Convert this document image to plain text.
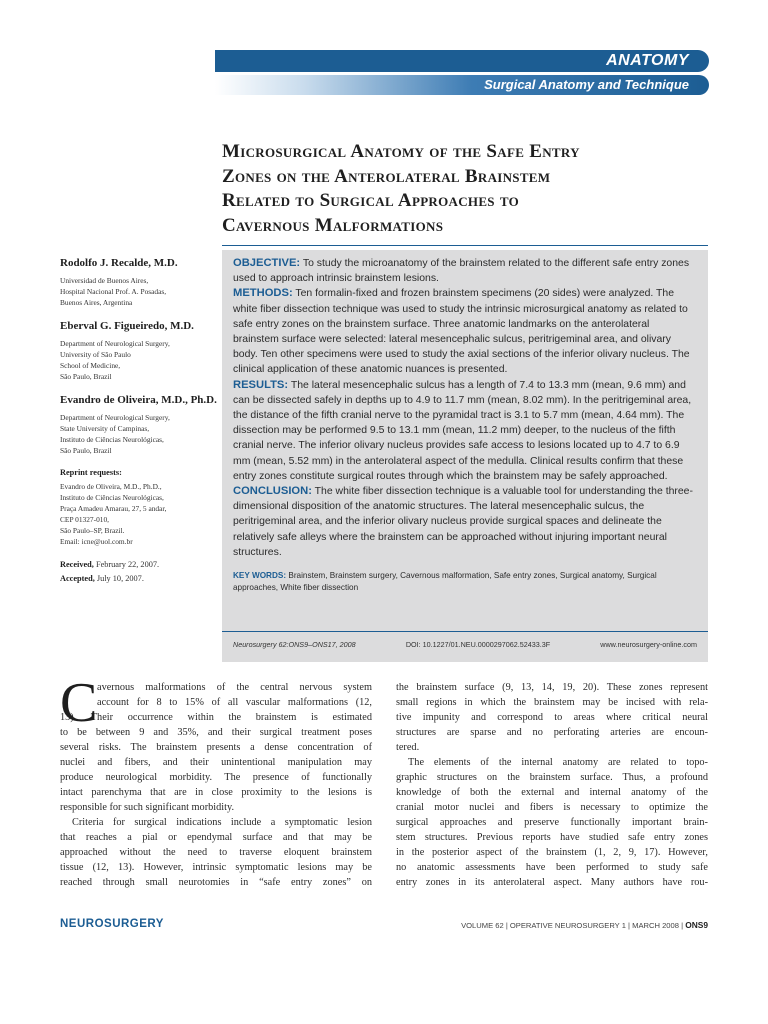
ANATOMY
Surgical Anatomy and Technique
Microsurgical Anatomy of the Safe Entry
Zones on the Anterolateral Brainstem
Related to Surgical Approaches to
Cavernous Malformations
Rodolfo J. Recalde, M.D.
Universidad de Buenos Aires,
Hospital Nacional Prof. A. Posadas,
Buenos Aires, Argentina
Eberval G. Figueiredo, M.D.
Department of Neurological Surgery,
University of São Paulo
School of Medicine,
São Paulo, Brazil
Evandro de Oliveira, M.D., Ph.D.
Department of Neurological Surgery,
State University of Campinas,
Instituto de Ciências Neurológicas,
São Paulo, Brazil
Reprint requests:
Evandro de Oliveira, M.D., Ph.D.,
Instituto de Ciências Neurológicas,
Praça Amadeu Amarau, 27, 5 andar,
CEP 01327-010,
São Paulo–SP, Brazil.
Email: icne@uol.com.br
Received, February 22, 2007.
Accepted, July 10, 2007.

OBJECTIVE: To study the microanatomy of the brainstem related to the different safe entry zones used to approach intrinsic brainstem lesions.

METHODS: Ten formalin-fixed and frozen brainstem specimens (20 sides) were analyzed. The white fiber dissection technique was used to study the intrinsic microsurgical anatomy as related to safe entry zones on the brainstem surface. Three anatomic landmarks on the anterolateral brainstem surface were selected: lateral mesencephalic sulcus, peritrigeminal area, and olivary body. Ten other specimens were used to study the axial sections of the inferior olivary nucleus. The clinical application of these anatomic nuances is presented.

RESULTS: The lateral mesencephalic sulcus has a length of 7.4 to 13.3 mm (mean, 9.6 mm) and can be dissected safely in depths up to 4.9 to 11.7 mm (mean, 8.02 mm). In the peritrigeminal area, the distance of the fifth cranial nerve to the pyramidal tract is 3.1 to 5.7 mm (mean, 4.64 mm). The dissection may be performed 9.5 to 13.1 mm (mean, 11.2 mm) deeper, to the nucleus of the fifth cranial nerve. The inferior olivary nucleus provides safe access to lesions located up to 4.7 to 6.9 mm (mean, 5.52 mm) in the anterolateral aspect of the medulla. Clinical results confirm that these entry zones constitute surgical routes through which the brainstem may be safely approached.

CONCLUSION: The white fiber dissection technique is a valuable tool for understanding the three-dimensional disposition of the anatomic structures. The lateral mesencephalic sulcus, the peritrigeminal area, and the inferior olivary nucleus provide surgical spaces and delineate the relatively safe alleys where the brainstem can be approached without injuring important neural structures.

KEY WORDS: Brainstem, Brainstem surgery, Cavernous malformation, Safe entry zones, Surgical anatomy, Surgical approaches, White fiber dissection

Neurosurgery 62:ONS9–ONS17, 2008	DOI: 10.1227/01.NEU.0000297062.52433.3F	www.neurosurgery-online.com
C avernous malformations of the central nervous system
account for 8 to 15% of all vascular malformations (12,
13). Their occurrence within the brainstem is estimated
to be between 9 and 35%, and their surgical treatment poses
several risks. The brainstem presents a dense concentration of
nuclei and fibers, and their unintentional manipulation may
produce neurological morbidity. The presence of functionally
intact parenchyma that are in close proximity to the lesions is
responsible for such significant morbidity.
Criteria for surgical indications include a symptomatic lesion
that reaches a pial or ependymal surface and that may be
approached without the need to traverse eloquent brainstem
tissue (12, 13). However, intrinsic symptomatic lesions may be
reached through small neurotomies in “safe entry zones” on
the brainstem surface (9, 13, 14, 19, 20). These zones represent
small regions in which the brainstem may be incised with rela-
tive impunity and correspond to areas where critical neural
structures are sparse and no perforating arteries are encoun-
tered.
The elements of the internal anatomy are related to topo-
graphic structures on the brainstem surface. Thus, a profound
knowledge of both the external and internal anatomy of the
cranial motor nuclei and fibers is necessary to optimize the
surgical approaches and preserve functionally important brain-
stem structures. Previous reports have studied safe entry zones
in the posterior aspect of the brainstem (1, 2, 9, 17). However,
no anatomic assessments have been performed to study safe
entry zones in its anterolateral aspect. Many authors have rou-
NEUROSURGERY	VOLUME 62 | OPERATIVE NEUROSURGERY 1 | MARCH 2008 | ONS9
